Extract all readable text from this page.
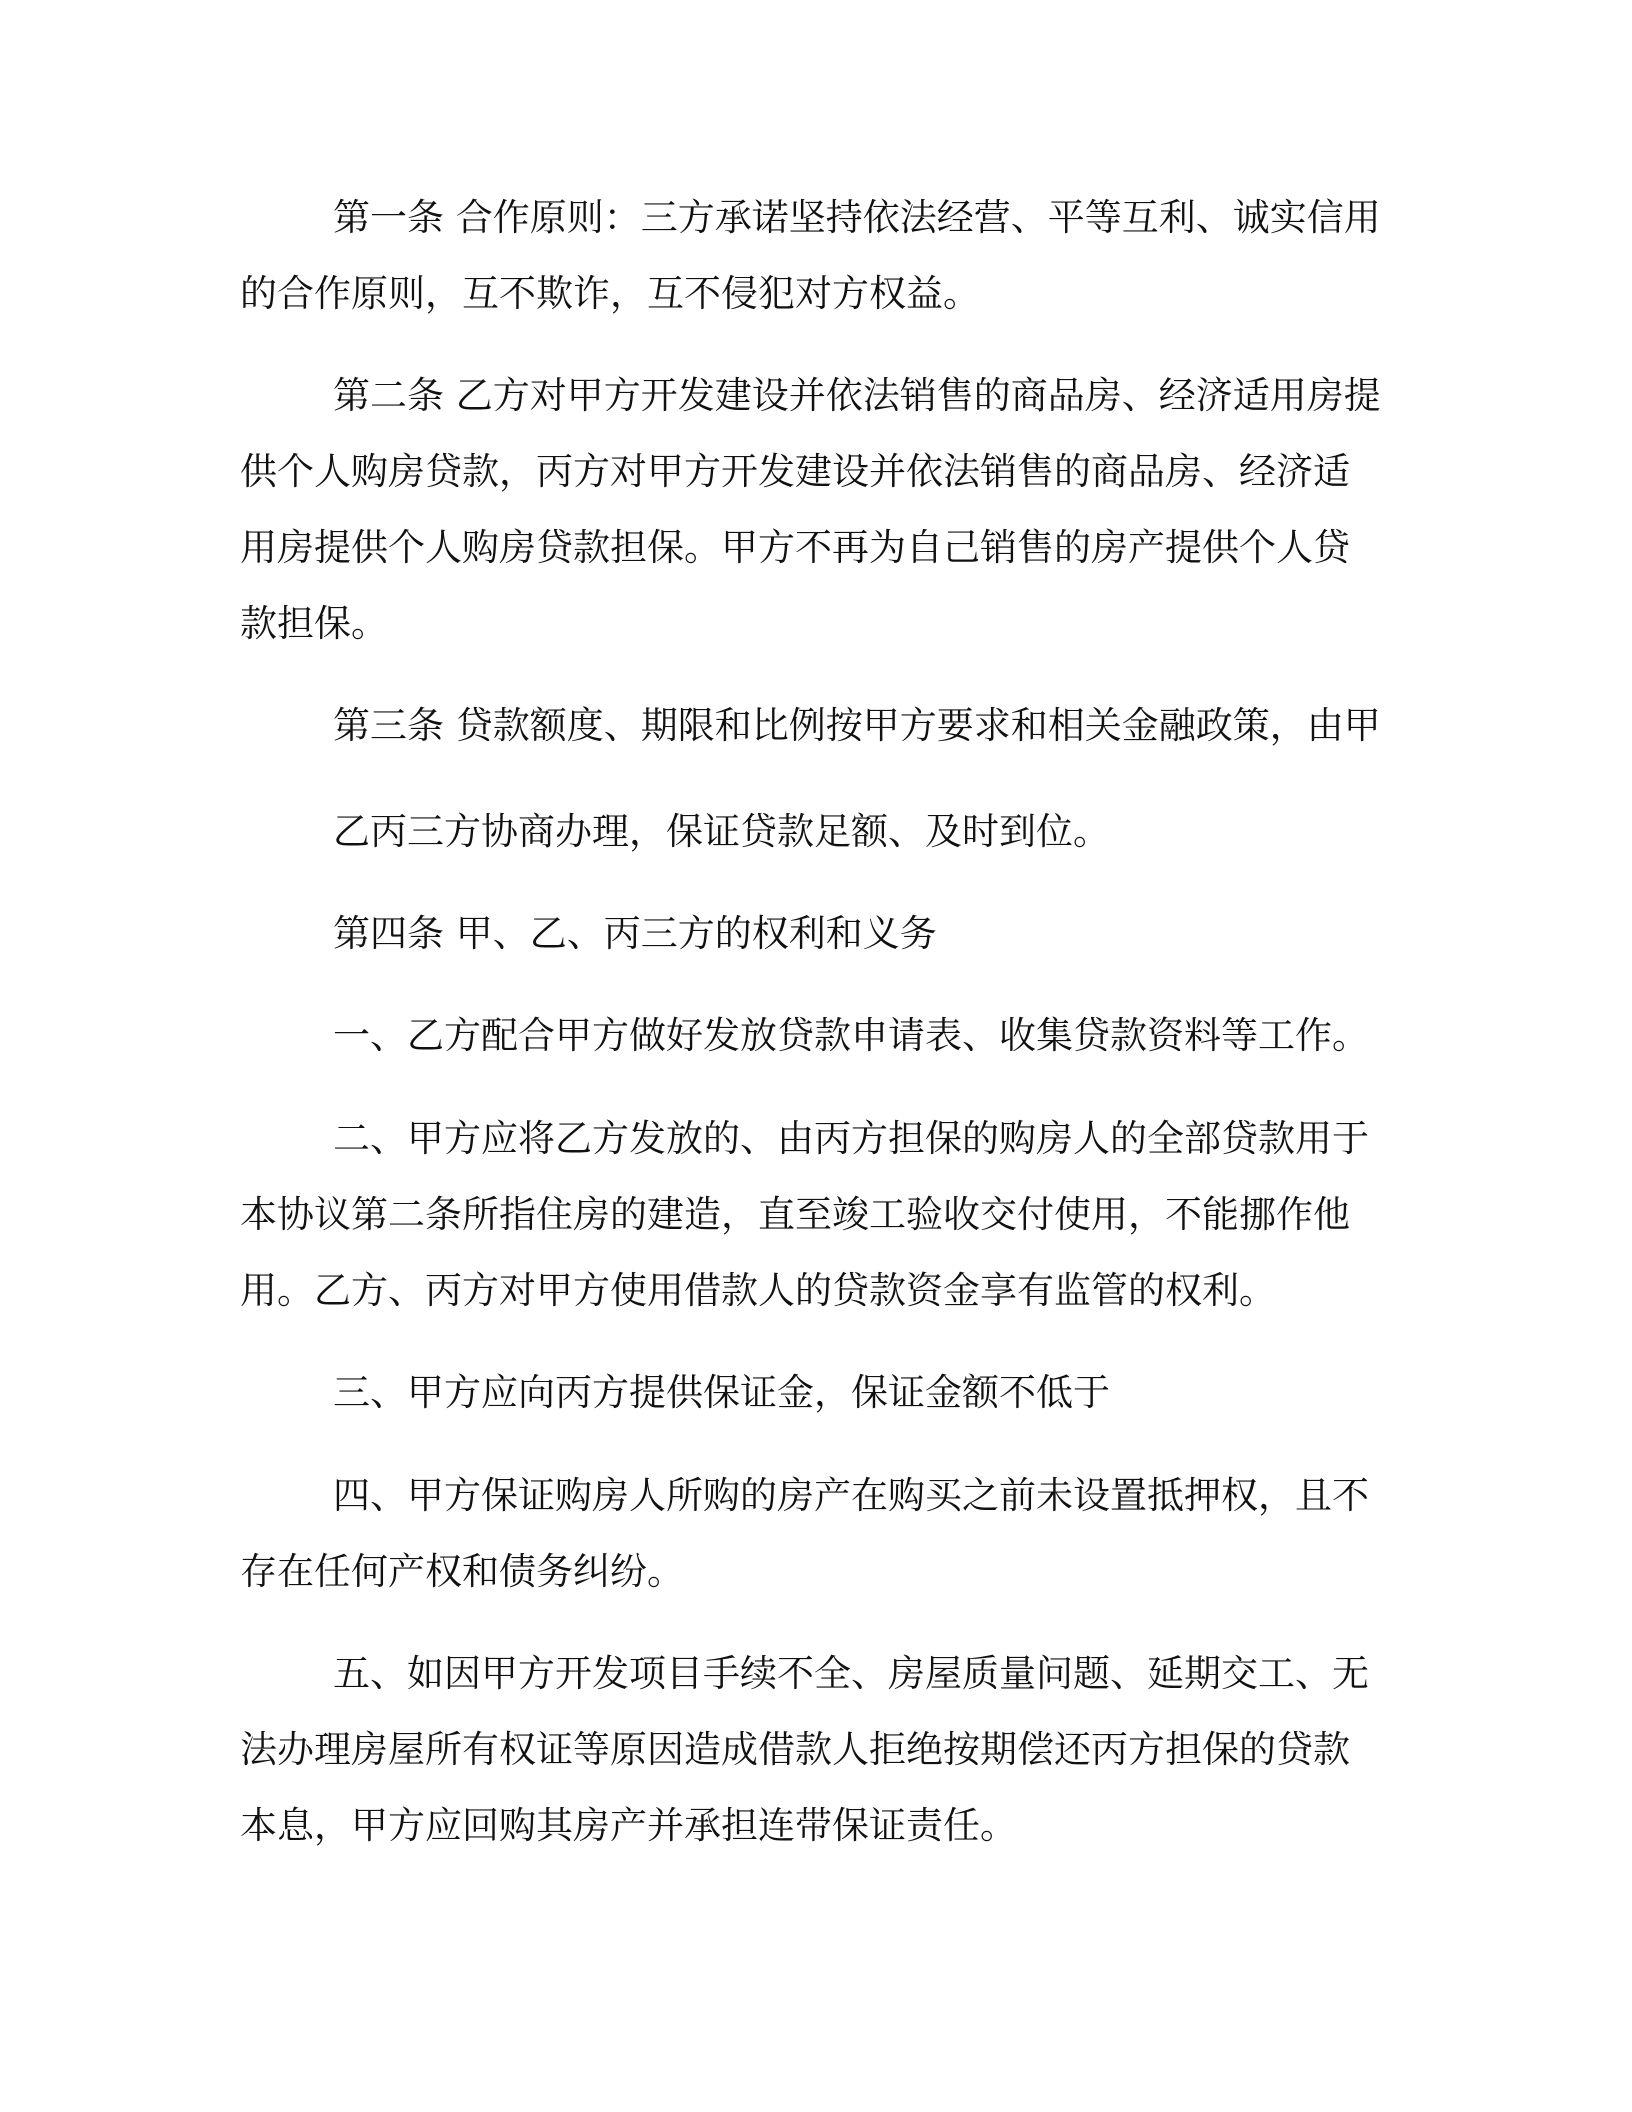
第一条 合作原则：三方承诺坚持依法经营、平等互利、诚实信用
的合作原则，互不欺诈，互不侵犯对方权益。
第二条 乙方对甲方开发建设并依法销售的商品房、经济适用房提
供个人购房贷款，丙方对甲方开发建设并依法销售的商品房、经济适
用房提供个人购房贷款担保。甲方不再为自己销售的房产提供个人贷
款担保。
第三条 贷款额度、期限和比例按甲方要求和相关金融政策，由甲
乙丙三方协商办理，保证贷款足额、及时到位。
第四条 甲、乙、丙三方的权利和义务
一、乙方配合甲方做好发放贷款申请表、收集贷款资料等工作。
二、甲方应将乙方发放的、由丙方担保的购房人的全部贷款用于
本协议第二条所指住房的建造，直至竣工验收交付使用，不能挪作他
用。乙方、丙方对甲方使用借款人的贷款资金享有监管的权利。
三、甲方应向丙方提供保证金，保证金额不低于
四、甲方保证购房人所购的房产在购买之前未设置抵押权，且不
存在任何产权和债务纠纷。
五、如因甲方开发项目手续不全、房屋质量问题、延期交工、无
法办理房屋所有权证等原因造成借款人拒绝按期偿还丙方担保的贷款
本息，甲方应回购其房产并承担连带保证责任。
